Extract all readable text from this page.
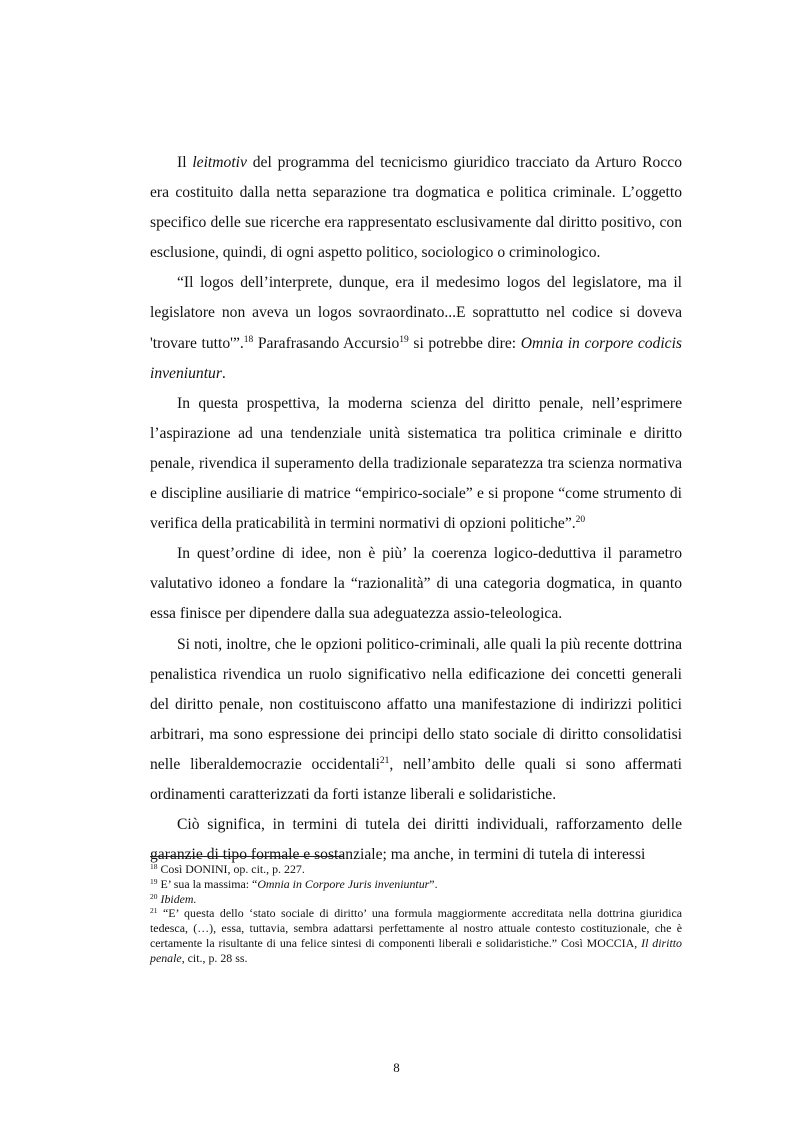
Il leitmotiv del programma del tecnicismo giuridico tracciato da Arturo Rocco era costituito dalla netta separazione tra dogmatica e politica criminale. L’oggetto specifico delle sue ricerche era rappresentato esclusivamente dal diritto positivo, con esclusione, quindi, di ogni aspetto politico, sociologico o criminologico.

“Il logos dell’interprete, dunque, era il medesimo logos del legislatore, ma il legislatore non aveva un logos sovraordinato...E soprattutto nel codice si doveva 'trovare tutto'”.$^{18}$ Parafrasando Accursio$^{19}$ si potrebbe dire: Omnia in corpore codicis inveniuntur.

In questa prospettiva, la moderna scienza del diritto penale, nell’esprimere l’aspirazione ad una tendenziale unità sistematica tra politica criminale e diritto penale, rivendica il superamento della tradizionale separatezza tra scienza normativa e discipline ausiliarie di matrice “empirico-sociale” e si propone “come strumento di verifica della praticabilità in termini normativi di opzioni politiche”.$^{20}$

In quest’ordine di idee, non è più’ la coerenza logico-deduttiva il parametro valutativo idoneo a fondare la “razionalità” di una categoria dogmatica, in quanto essa finisce per dipendere dalla sua adeguatezza assio-teleologica.

Si noti, inoltre, che le opzioni politico-criminali, alle quali la più recente dottrina penalistica rivendica un ruolo significativo nella edificazione dei concetti generali del diritto penale, non costituiscono affatto una manifestazione di indirizzi politici arbitrari, ma sono espressione dei principi dello stato sociale di diritto consolidatisi nelle liberaldemocrazie occidentali$^{21}$, nell’ambito delle quali si sono affermati ordinamenti caratterizzati da forti istanze liberali e solidaristiche.

Ciò significa, in termini di tutela dei diritti individuali, rafforzamento delle garanzie di tipo formale e sostanziale; ma anche, in termini di tutela di interessi

$^{18}$ Così DONINI, op. cit., p. 227.

$^{19}$ E’ sua la massima: “Omnia in Corpore Juris inveniuntur”.

$^{20}$ Ibidem.

$^{21}$ “E’ questa dello ‘stato sociale di diritto’ una formula maggiormente accreditata nella dottrina giuridica tedesca, (…), essa, tuttavia, sembra adattarsi perfettamente al nostro attuale contesto costituzionale, che è certamente la risultante di una felice sintesi di componenti liberali e solidaristiche.” Così MOCCIA, Il diritto penale, cit., p. 28 ss.

8
